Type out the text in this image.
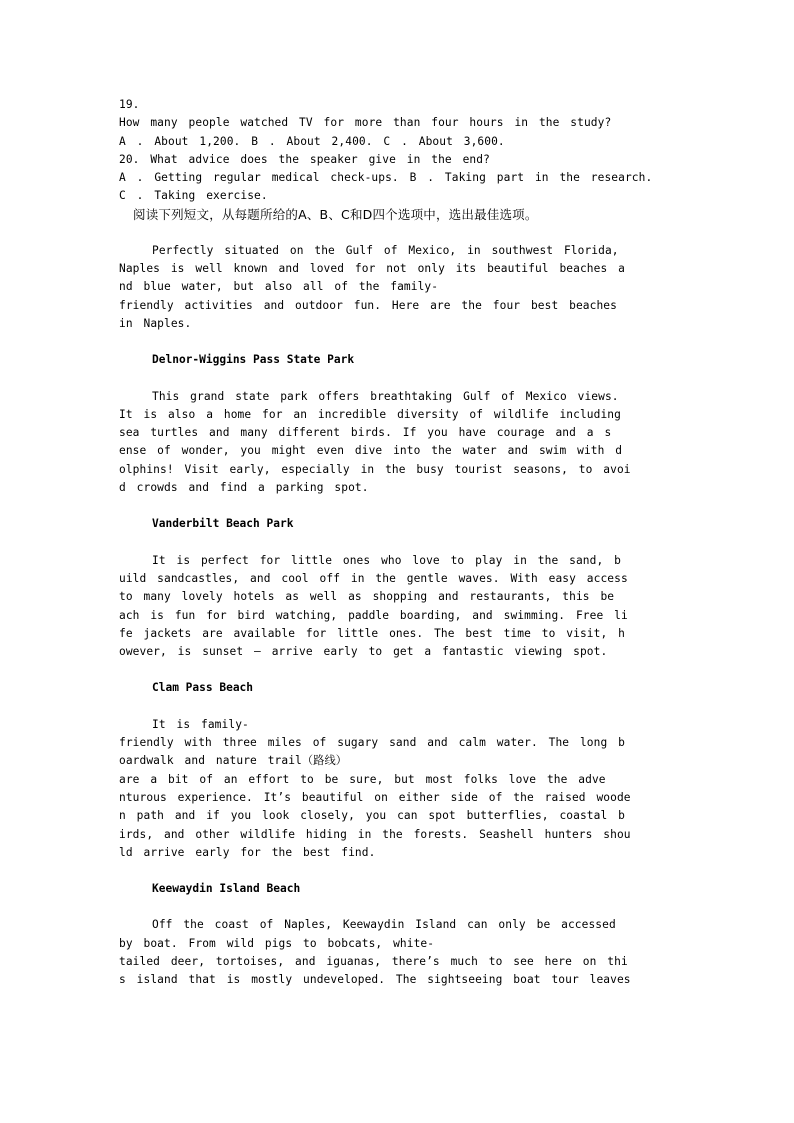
19.

How many people watched TV for more than four hours in the study?

A . About 1,200. B . About 2,400. C . About 3,600.

20. What advice does the speaker give in the end?

A . Getting regular medical check-ups. B . Taking part in the research.

C . Taking exercise.

阅读下列短文，从每题所给的A、B、C和D四个选项中，选出最佳选项。

Perfectly situated on the Gulf of Mexico, in southwest Florida,

Naples is well known and loved for not only its beautiful beaches a

nd blue water, but also all of the family-

friendly activities and outdoor fun. Here are the four best beaches

in Naples.

Delnor-Wiggins Pass State Park

This grand state park offers breathtaking Gulf of Mexico views.

It is also a home for an incredible diversity of wildlife including

sea turtles and many different birds. If you have courage and a s

ense of wonder, you might even dive into the water and swim with d

olphins! Visit early, especially in the busy tourist seasons, to avoi

d crowds and find a parking spot.

Vanderbilt Beach Park

It is perfect for little ones who love to play in the sand, b

uild sandcastles, and cool off in the gentle waves. With easy access

to many lovely hotels as well as shopping and restaurants, this be

ach is fun for bird watching, paddle boarding, and swimming. Free li

fe jackets are available for little ones. The best time to visit, h

owever, is sunset — arrive early to get a fantastic viewing spot.

Clam Pass Beach

It is family-

friendly with three miles of sugary sand and calm water. The long b

oardwalk and nature trail（路线）

are a bit of an effort to be sure, but most folks love the adve

nturous experience. It’s beautiful on either side of the raised woode

n path and if you look closely, you can spot butterflies, coastal b

irds, and other wildlife hiding in the forests. Seashell hunters shou

ld arrive early for the best find.

Keewaydin Island Beach

Off the coast of Naples, Keewaydin Island can only be accessed

by boat. From wild pigs to bobcats, white-

tailed deer, tortoises, and iguanas, there’s much to see here on thi

s island that is mostly undeveloped. The sightseeing boat tour leaves
